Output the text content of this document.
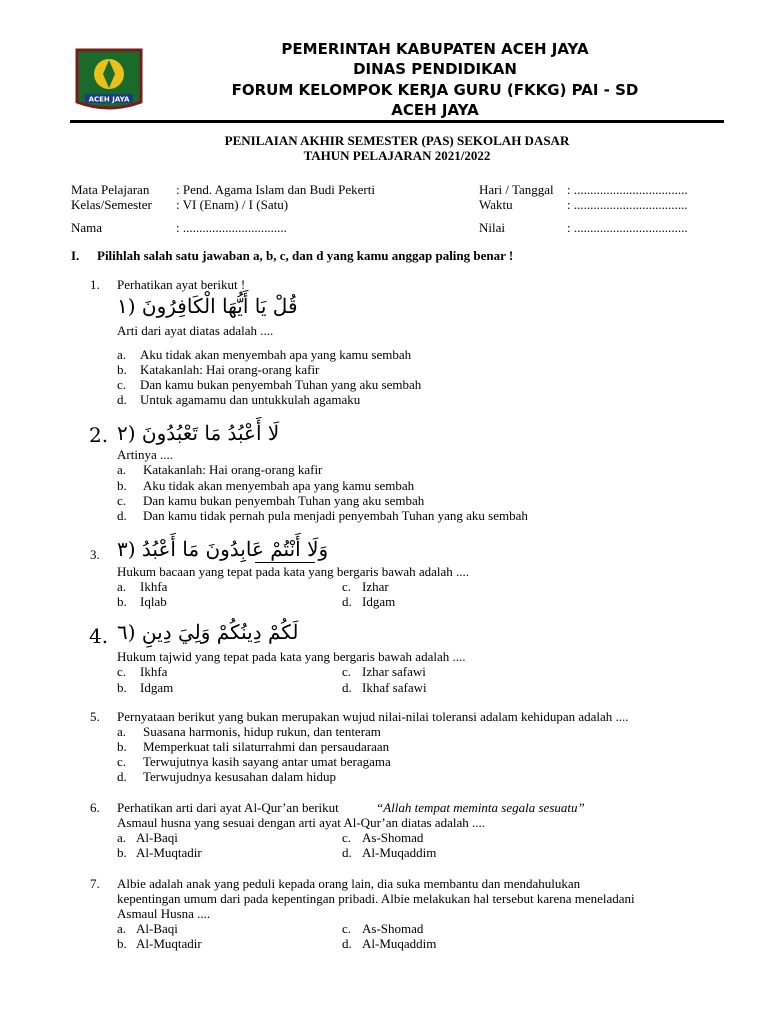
ACEH JAYA
PEMERINTAH KABUPATEN ACEH JAYA
DINAS PENDIDIKAN
FORUM KELOMPOK KERJA GURU (FKKG) PAI - SD
ACEH JAYA
PENILAIAN AKHIR SEMESTER (PAS) SEKOLAH DASAR
TAHUN PELAJARAN 2021/2022
Mata Pelajaran : Pend. Agama Islam dan Budi Pekerti
Kelas/Semester : VI (Enam) / I (Satu)
Nama	: ................................
Hari / Tanggal : ...................................
Waktu	: ...................................
Nilai	: ...................................
I. Pilihlah salah satu jawaban a, b, c, dan d yang kamu anggap paling benar !
1. Perhatikan ayat berikut !
قُلْ يَا أَيُّهَا الْكَافِرُونَ (١
Arti dari ayat diatas adalah ....
a. Aku tidak akan menyembah apa yang kamu sembah
b. Katakanlah: Hai orang-orang kafir
c. Dan kamu bukan penyembah Tuhan yang aku sembah
d. Untuk agamamu dan untukkulah agamaku
2. لَا أَعْبُدُ مَا تَعْبُدُونَ (٢
Artinya ....
a. Katakanlah: Hai orang-orang kafir
b. Aku tidak akan menyembah apa yang kamu sembah
c. Dan kamu bukan penyembah Tuhan yang aku sembah
d. Dan kamu tidak pernah pula menjadi penyembah Tuhan yang aku sembah
3. وَلَا أَنْتُمْ عَابِدُونَ مَا أَعْبُدُ (٣
Hukum bacaan yang tepat pada kata yang bergaris bawah adalah ....
a. Ikhfa
b. Iqlab
c. Izhar
d. Idgam
4. لَكُمْ دِينُكُمْ وَلِيَ دِينِ (٦
Hukum tajwid yang tepat pada kata yang bergaris bawah adalah ....
c. Ikhfa
b. Idgam
c. Izhar safawi
d. Ikhaf safawi
5. Pernyataan berikut yang bukan merupakan wujud nilai-nilai toleransi adalam kehidupan adalah ....
a. Suasana harmonis, hidup rukun, dan tenteram
b. Memperkuat tali silaturrahmi dan persaudaraan
c. Terwujutnya kasih sayang antar umat beragama
d. Terwujudnya kesusahan dalam hidup
6. Perhatikan arti dari ayat Al-Qur’an berikut	“Allah tempat meminta segala sesuatu”
Asmaul husna yang sesuai dengan arti ayat Al-Qur’an diatas adalah ....
a. Al-Baqi
b. Al-Muqtadir
c. As-Shomad
d. Al-Muqaddim
7. Albie adalah anak yang peduli kepada orang lain, dia suka membantu dan mendahulukan
kepentingan umum dari pada kepentingan pribadi. Albie melakukan hal tersebut karena meneladani
Asmaul Husna ....
a. Al-Baqi
b. Al-Muqtadir
c. As-Shomad
d. Al-Muqaddim
